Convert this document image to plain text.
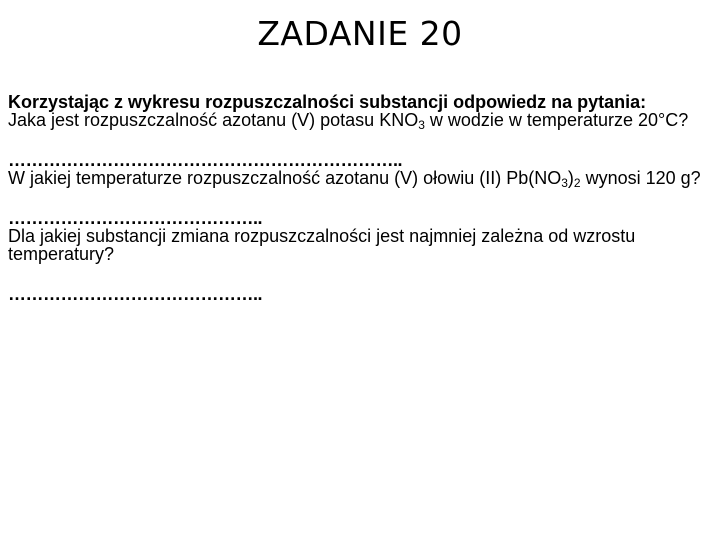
ZADANIE 20

Korzystając z wykresu rozpuszczalności substancji odpowiedz na pytania:

Jaka jest rozpuszczalność azotanu (V) potasu $KNO_3$ w wodzie w temperaturze 20°C?

…………………………………………………………..

W jakiej temperaturze rozpuszczalność azotanu (V) ołowiu (II) $Pb(NO_3)_2$ wynosi 120 g?

……………………………………..

Dla jakiej substancji zmiana rozpuszczalności jest najmniej zależna od wzrostu temperatury?

……………………………………..
